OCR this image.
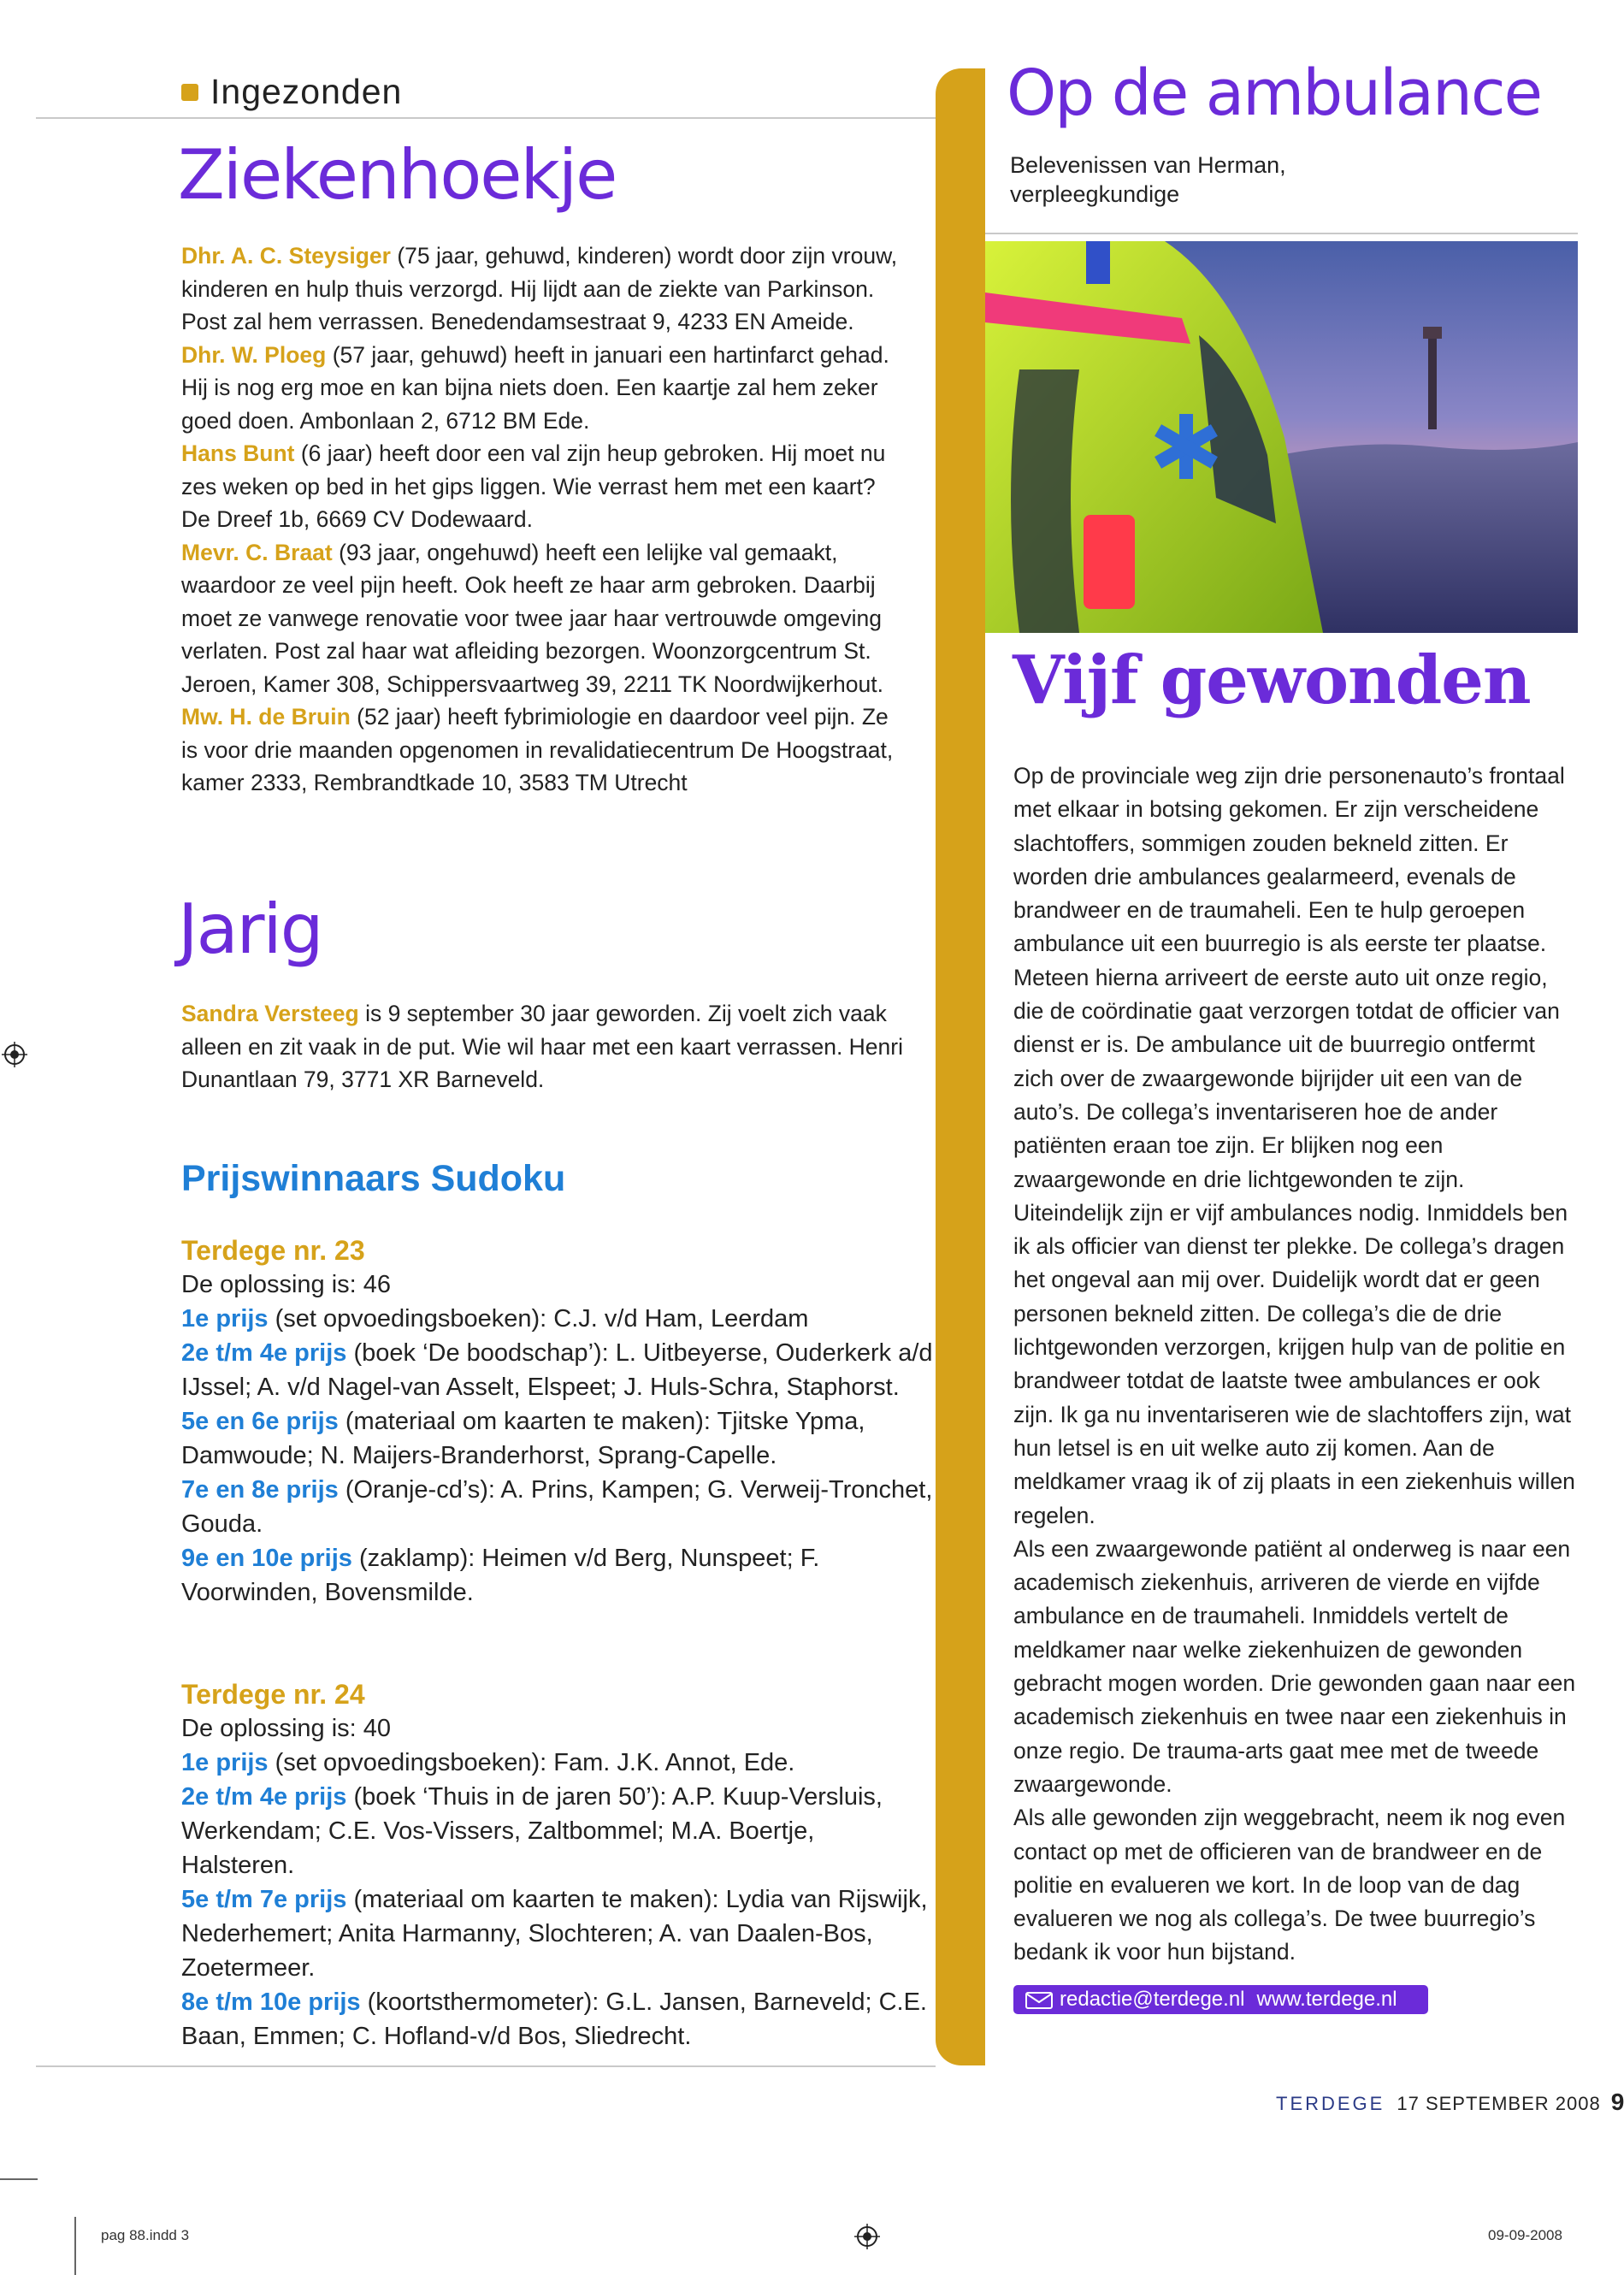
Ingezonden
Ziekenhoekje

Dhr. A. C. Steysiger (75 jaar, gehuwd, kinderen) wordt door zijn vrouw, kinderen en hulp thuis verzorgd. Hij lijdt aan de ziekte van Parkinson. Post zal hem verrassen. Benedendamsestraat 9, 4233 EN Ameide.

Dhr. W. Ploeg (57 jaar, gehuwd) heeft in januari een hartinfarct gehad. Hij is nog erg moe en kan bijna niets doen. Een kaartje zal hem zeker goed doen. Ambonlaan 2, 6712 BM Ede.

Hans Bunt (6 jaar) heeft door een val zijn heup gebroken. Hij moet nu zes weken op bed in het gips liggen. Wie verrast hem met een kaart? De Dreef 1b, 6669 CV Dodewaard.

Mevr. C. Braat (93 jaar, ongehuwd) heeft een lelijke val gemaakt, waardoor ze veel pijn heeft. Ook heeft ze haar arm gebroken. Daarbij moet ze vanwege renovatie voor twee jaar haar vertrouwde omgeving verlaten. Post zal haar wat afleiding bezorgen. Woonzorgcentrum St. Jeroen, Kamer 308, Schippersvaartweg 39, 2211 TK Noordwijkerhout.

Mw. H. de Bruin (52 jaar) heeft fybrimiologie en daardoor veel pijn. Ze is voor drie maanden opgenomen in revalidatiecentrum De Hoogstraat, kamer 2333, Rembrandtkade 10, 3583 TM Utrecht

Jarig

Sandra Versteeg is 9 september 30 jaar geworden. Zij voelt zich vaak alleen en zit vaak in de put. Wie wil haar met een kaart verrassen. Henri Dunantlaan 79, 3771 XR Barneveld.

Prijswinnaars Sudoku

Terdege nr. 23

De oplossing is: 46

1e prijs (set opvoedingsboeken): C.J. v/d Ham, Leerdam

2e t/m 4e prijs (boek ‘De boodschap’): L. Uitbeyerse, Ouderkerk a/d IJssel; A. v/d Nagel-van Asselt, Elspeet; J. Huls-Schra, Staphorst.

5e en 6e prijs (materiaal om kaarten te maken): Tjitske Ypma, Damwoude; N. Maijers-Branderhorst, Sprang-Capelle.

7e en 8e prijs (Oranje-cd’s): A. Prins, Kampen; G. Verweij-Tronchet, Gouda.

9e en 10e prijs (zaklamp): Heimen v/d Berg, Nunspeet; F. Voorwinden, Bovensmilde.

Terdege nr. 24

De oplossing is: 40

1e prijs (set opvoedingsboeken): Fam. J.K. Annot, Ede.

2e t/m 4e prijs (boek ‘Thuis in de jaren 50’): A.P. Kuup-Versluis, Werkendam; C.E. Vos-Vissers, Zaltbommel; M.A. Boertje, Halsteren.

5e t/m 7e prijs (materiaal om kaarten te maken): Lydia van Rijswijk, Nederhemert; Anita Harmanny, Slochteren; A. van Daalen-Bos, Zoetermeer.

8e t/m 10e prijs (koortsthermometer): G.L. Jansen, Barneveld; C.E. Baan, Emmen; C. Hofland-v/d Bos, Sliedrecht.

Op de ambulance
Belevenissen van Herman,
verpleegkundige
Vijf gewonden

Op de provinciale weg zijn drie personenauto’s frontaal met elkaar in botsing gekomen. Er zijn verscheidene slachtoffers, sommigen zouden bekneld zitten. Er worden drie ambulances gealarmeerd, evenals de brandweer en de traumaheli. Een te hulp geroepen ambulance uit een buurregio is als eerste ter plaatse. Meteen hierna arriveert de eerste auto uit onze regio, die de coördinatie gaat verzorgen totdat de officier van dienst er is. De ambulance uit de buurregio ontfermt zich over de zwaargewonde bijrijder uit een van de auto’s. De collega’s inventariseren hoe de ander patiënten eraan toe zijn. Er blijken nog een zwaargewonde en drie lichtgewonden te zijn. Uiteindelijk zijn er vijf ambulances nodig. Inmiddels ben ik als officier van dienst ter plekke. De collega’s dragen het ongeval aan mij over. Duidelijk wordt dat er geen personen bekneld zitten. De collega’s die de drie lichtgewonden verzorgen, krijgen hulp van de politie en brandweer totdat de laatste twee ambulances er ook zijn. Ik ga nu inventariseren wie de slachtoffers zijn, wat hun letsel is en uit welke auto zij komen. Aan de meldkamer vraag ik of zij plaats in een ziekenhuis willen regelen.

Als een zwaargewonde patiënt al onderweg is naar een academisch ziekenhuis, arriveren de vierde en vijfde ambulance en de traumaheli. Inmiddels vertelt de meldkamer naar welke ziekenhuizen de gewonden gebracht mogen worden. Drie gewonden gaan naar een academisch ziekenhuis en twee naar een ziekenhuis in onze regio. De trauma-arts gaat mee met de tweede zwaargewonde.

Als alle gewonden zijn weggebracht, neem ik nog even contact op met de officieren van de brandweer en de politie en evalueren we kort. In de loop van de dag evalueren we nog als collega’s. De twee buurregio’s bedank ik voor hun bijstand.

redactie@terdege.nl www.terdege.nl
TERDEGE 17 SEPTEMBER 2008 9
pag 88.indd 3	09-09-2008
